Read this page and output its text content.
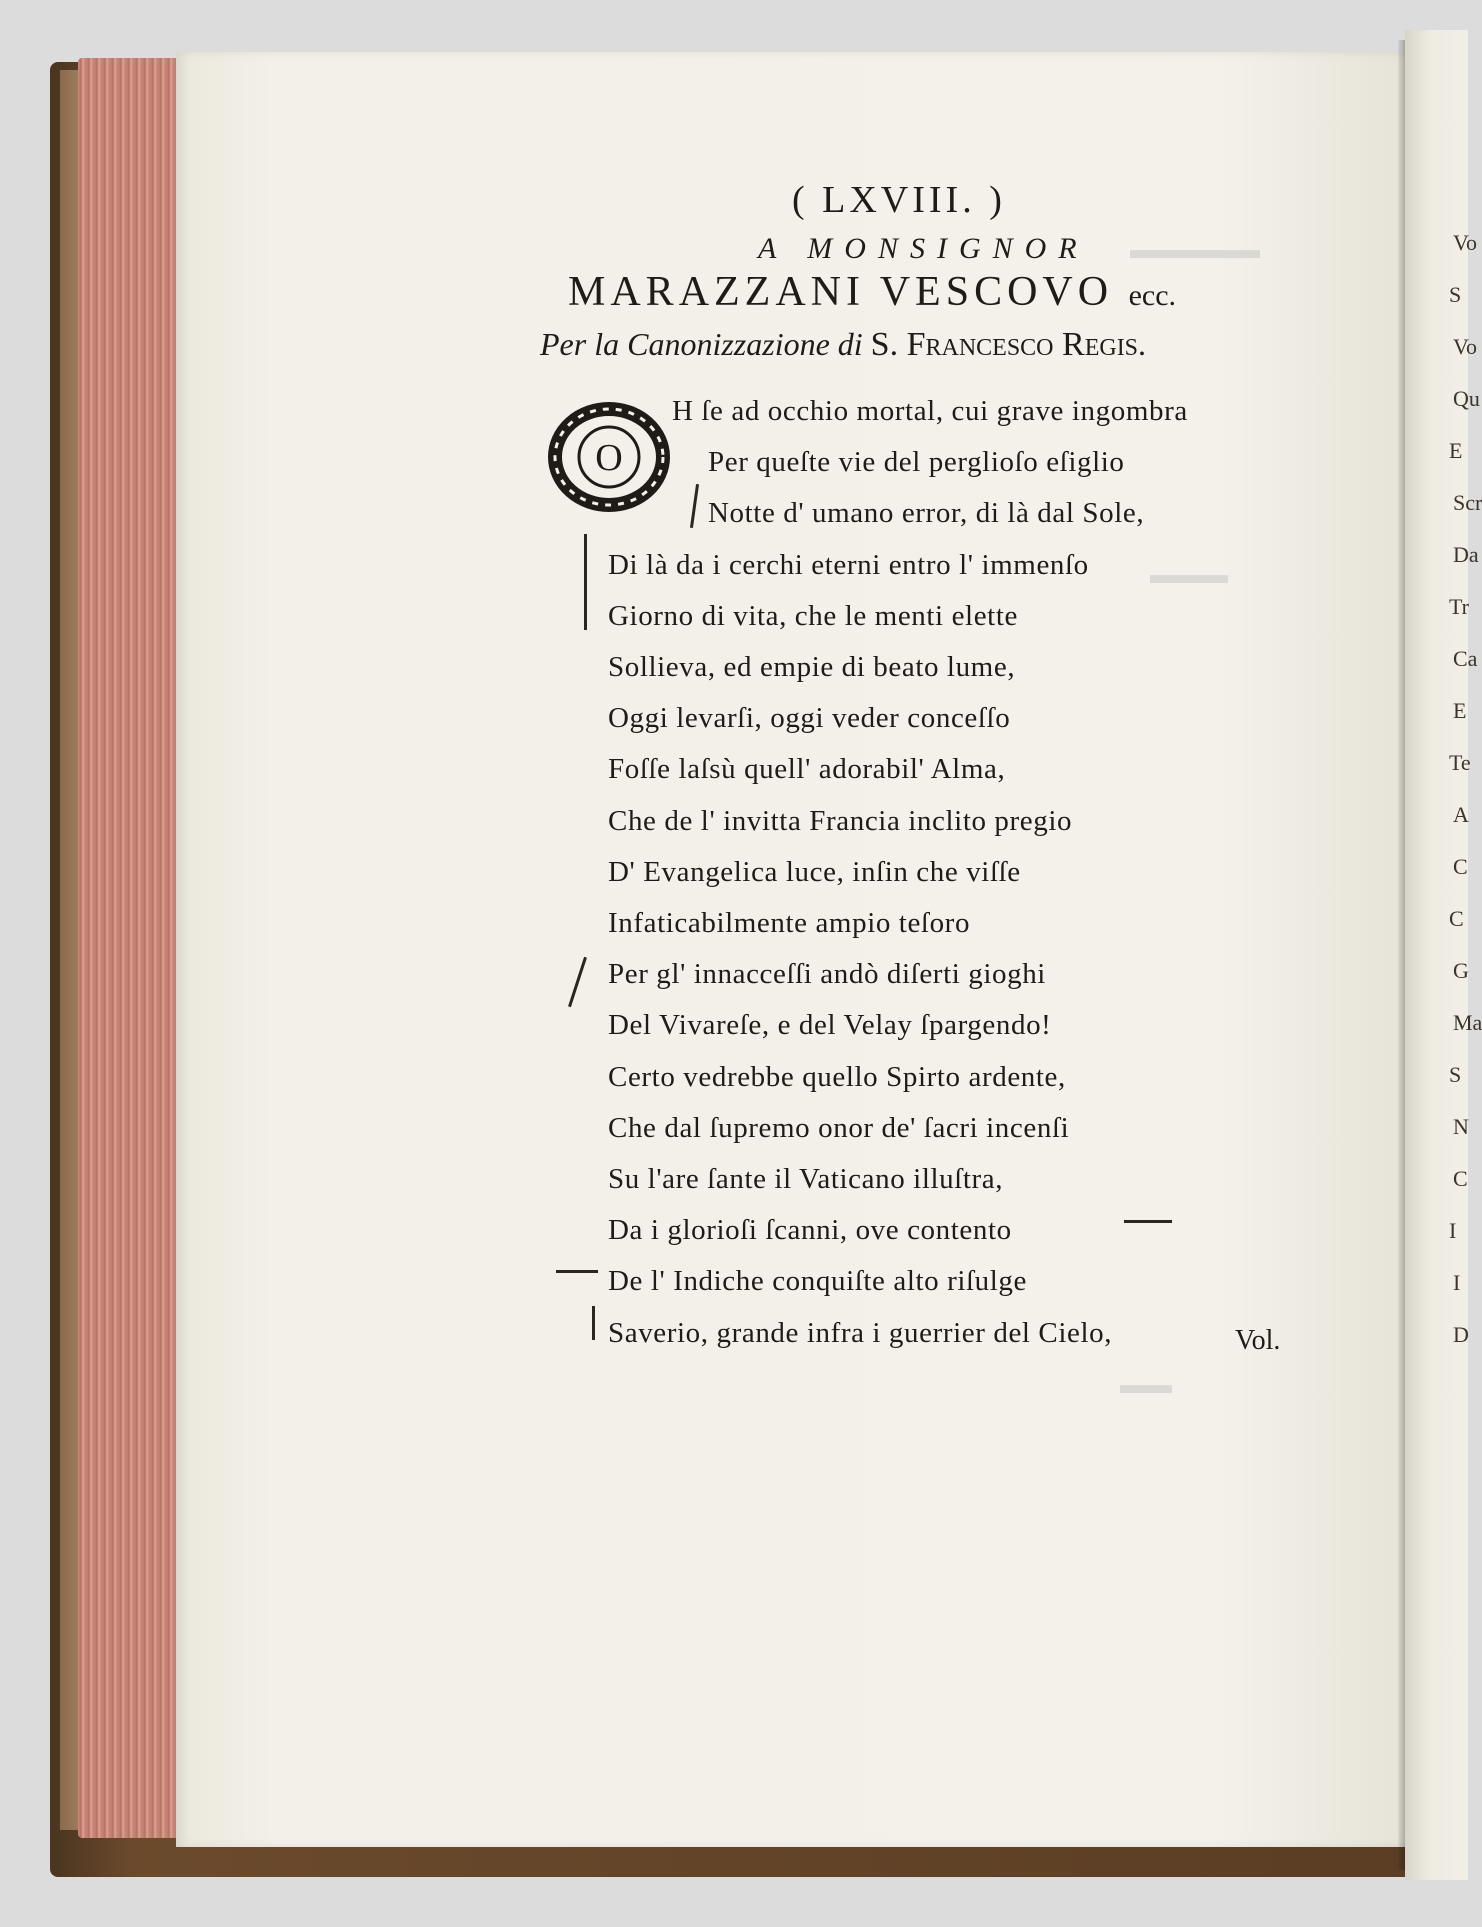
Vo
S
Vo
Qu
E
Scr
Da
Tr
Ca
E
Te
A
C
C
G
Ma
S
N
C
I
I
D
▬▬▬▬▬
▬▬▬
▬▬
( LXVIII. )
A MONSIGNOR
MARAZZANI VESCOVO ecc.
Per la Canonizzazione di S. Francesco Regis.
O
H ſe ad occhio mortal, cui grave ingombra
Per queſte vie del perglioſo eſiglio
Notte d' umano error, di là dal Sole,
Di là da i cerchi eterni entro l' immenſo
Giorno di vita, che le menti elette
Sollieva, ed empie di beato lume,
Oggi levarſi, oggi veder conceſſo
Foſſe laſsù quell' adorabil' Alma,
Che de l' invitta Francia inclito pregio
D' Evangelica luce, inſin che viſſe
Infaticabilmente ampio teſoro
Per gl' innacceſſi andò diſerti gioghi
Del Vivareſe, e del Velay ſpargendo!
Certo vedrebbe quello Spirto ardente,
Che dal ſupremo onor de' ſacri incenſi
Su l'are ſante il Vaticano illuſtra,
Da i glorioſi ſcanni, ove contento
De l' Indiche conquiſte alto riſulge
Saverio, grande infra i guerrier del Cielo,	Vol.
